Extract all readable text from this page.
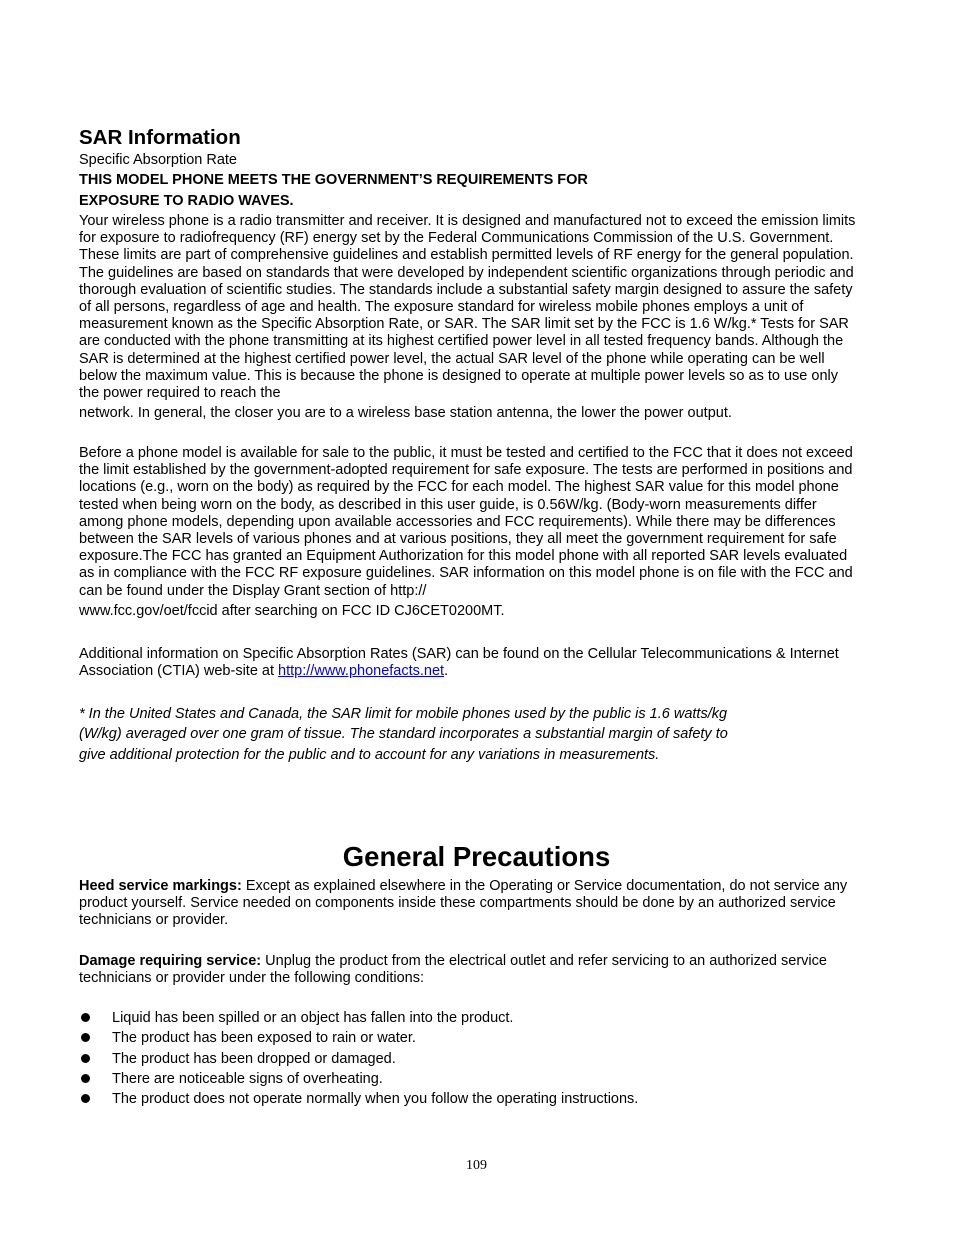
SAR Information
Specific Absorption Rate
THIS MODEL PHONE MEETS THE GOVERNMENT’S REQUIREMENTS FOR
EXPOSURE TO RADIO WAVES.

Your wireless phone is a radio transmitter and receiver. It is designed and manufactured not to exceed the emission limits for exposure to radiofrequency (RF) energy set by the Federal Communications Commission of the U.S. Government. These limits are part of comprehensive guidelines and establish permitted levels of RF energy for the general population. The guidelines are based on standards that were developed by independent scientific organizations through periodic and thorough evaluation of scientific studies. The standards include a substantial safety margin designed to assure the safety of all persons, regardless of age and health. The exposure standard for wireless mobile phones employs a unit of measurement known as the Specific Absorption Rate, or SAR. The SAR limit set by the FCC is 1.6 W/kg.* Tests for SAR are conducted with the phone transmitting at its highest certified power level in all tested frequency bands. Although the SAR is determined at the highest certified power level, the actual SAR level of the phone while operating can be well below the maximum value. This is because the phone is designed to operate at multiple power levels so as to use only the power required to reach the
network. In general, the closer you are to a wireless base station antenna, the lower the power output.

Before a phone model is available for sale to the public, it must be tested and certified to the FCC that it does not exceed the limit established by the government-adopted requirement for safe exposure. The tests are performed in positions and locations (e.g., worn on the body) as required by the FCC for each model. The highest SAR value for this model phone tested when being worn on the body, as described in this user guide, is 0.56W/kg. (Body-worn measurements differ among phone models, depending upon available accessories and FCC requirements). While there may be differences between the SAR levels of various phones and at various positions, they all meet the government requirement for safe exposure.The FCC has granted an Equipment Authorization for this model phone with all reported SAR levels evaluated as in compliance with the FCC RF exposure guidelines. SAR information on this model phone is on file with the FCC and can be found under the Display Grant section of http://
www.fcc.gov/oet/fccid after searching on FCC ID CJ6CET0200MT.

Additional information on Specific Absorption Rates (SAR) can be found on the Cellular Telecommunications & Internet Association (CTIA) web-site at http://www.phonefacts.net.

* In the United States and Canada, the SAR limit for mobile phones used by the public is 1.6 watts/kg (W/kg) averaged over one gram of tissue. The standard incorporates a substantial margin of safety to give additional protection for the public and to account for any variations in measurements.

General Precautions

Heed service markings: Except as explained elsewhere in the Operating or Service documentation, do not service any product yourself. Service needed on components inside these compartments should be done by an authorized service technicians or provider.

Damage requiring service: Unplug the product from the electrical outlet and refer servicing to an authorized service technicians or provider under the following conditions:

Liquid has been spilled or an object has fallen into the product.
The product has been exposed to rain or water.
The product has been dropped or damaged.
There are noticeable signs of overheating.
The product does not operate normally when you follow the operating instructions.
109
